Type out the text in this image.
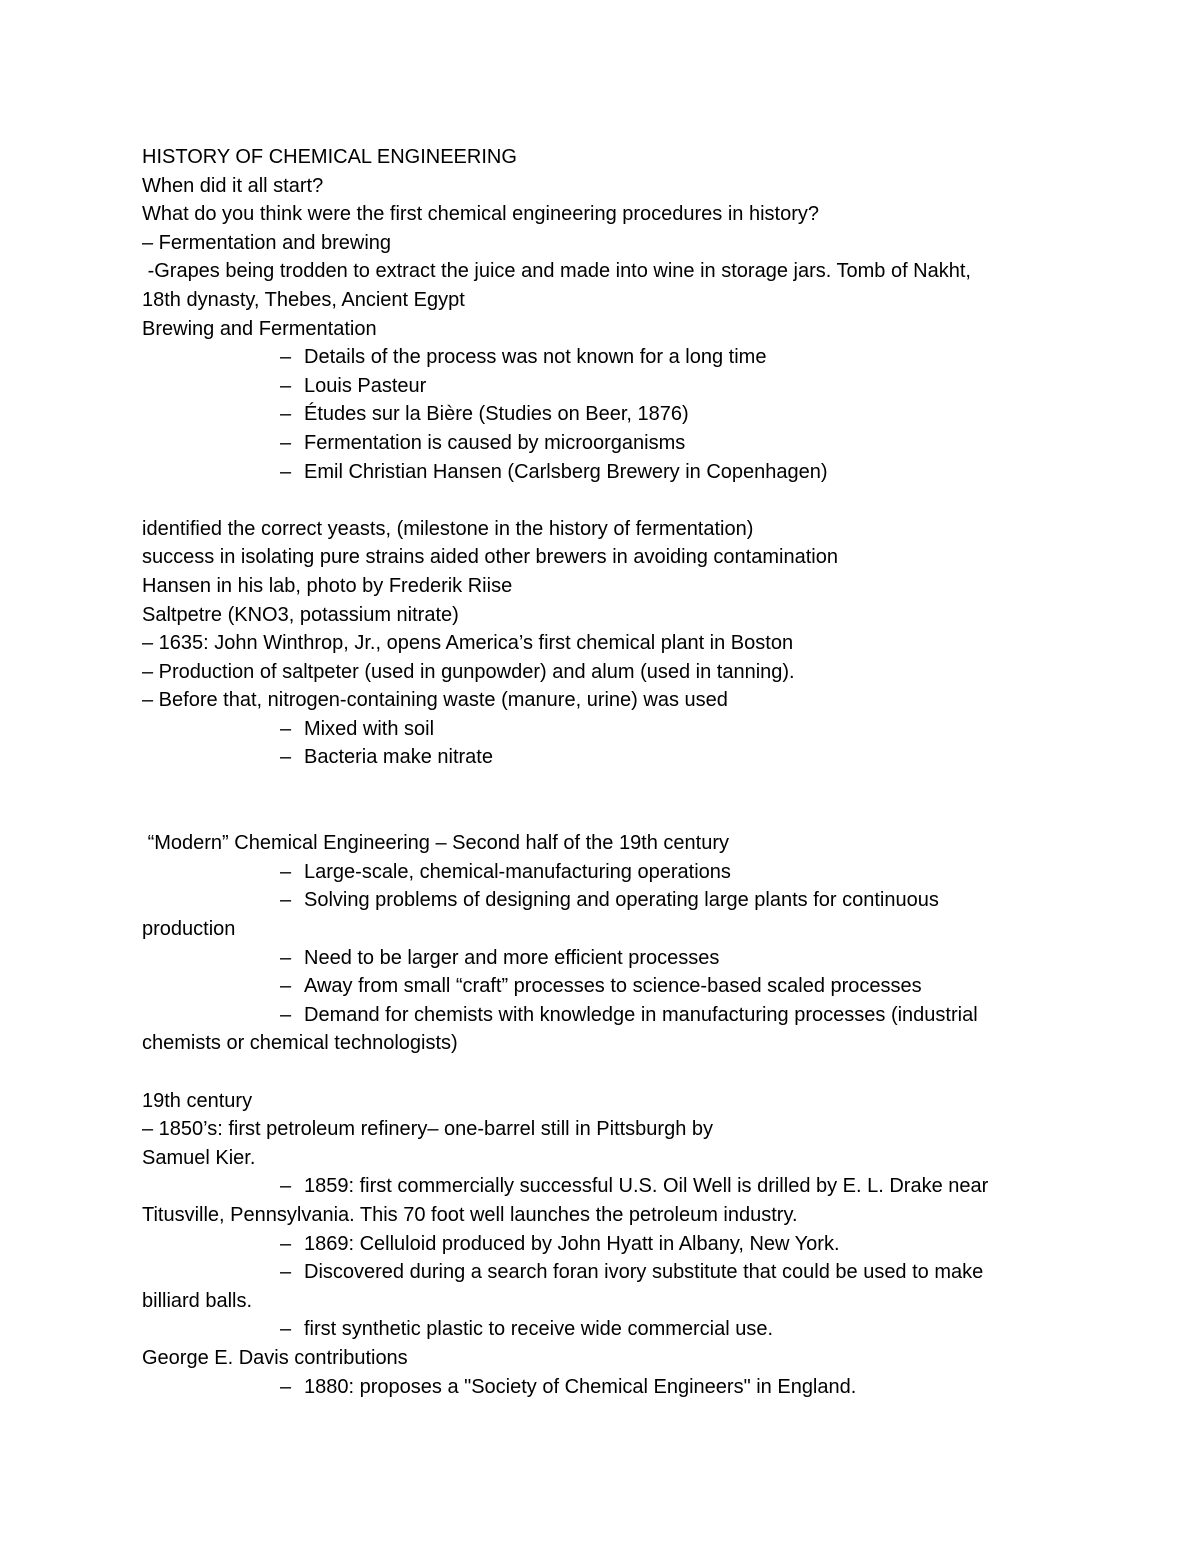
HISTORY OF CHEMICAL ENGINEERING
When did it all start?
What do you think were the first chemical engineering procedures in history?
– Fermentation and brewing
-Grapes being trodden to extract the juice and made into wine in storage jars. Tomb of Nakht,
18th dynasty, Thebes, Ancient Egypt
Brewing and Fermentation
– Details of the process was not known for a long time
– Louis Pasteur
– Études sur la Bière (Studies on Beer, 1876)
– Fermentation is caused by microorganisms
– Emil Christian Hansen (Carlsberg Brewery in Copenhagen)
identified the correct yeasts, (milestone in the history of fermentation)
success in isolating pure strains aided other brewers in avoiding contamination
Hansen in his lab, photo by Frederik Riise
Saltpetre (KNO3, potassium nitrate)
– 1635: John Winthrop, Jr., opens America’s first chemical plant in Boston
– Production of saltpeter (used in gunpowder) and alum (used in tanning).
– Before that, nitrogen-containing waste (manure, urine) was used
– Mixed with soil
– Bacteria make nitrate
“Modern” Chemical Engineering – Second half of the 19th century
– Large-scale, chemical-manufacturing operations
– Solving problems of designing and operating large plants for continuous
production
– Need to be larger and more efficient processes
– Away from small “craft” processes to science-based scaled processes
– Demand for chemists with knowledge in manufacturing processes (industrial
chemists or chemical technologists)
19th century
– 1850’s: first petroleum refinery– one-barrel still in Pittsburgh by
Samuel Kier.
– 1859: first commercially successful U.S. Oil Well is drilled by E. L. Drake near
Titusville, Pennsylvania. This 70 foot well launches the petroleum industry.
– 1869: Celluloid produced by John Hyatt in Albany, New York.
– Discovered during a search foran ivory substitute that could be used to make
billiard balls.
– first synthetic plastic to receive wide commercial use.
George E. Davis contributions
– 1880: proposes a "Society of Chemical Engineers" in England.
